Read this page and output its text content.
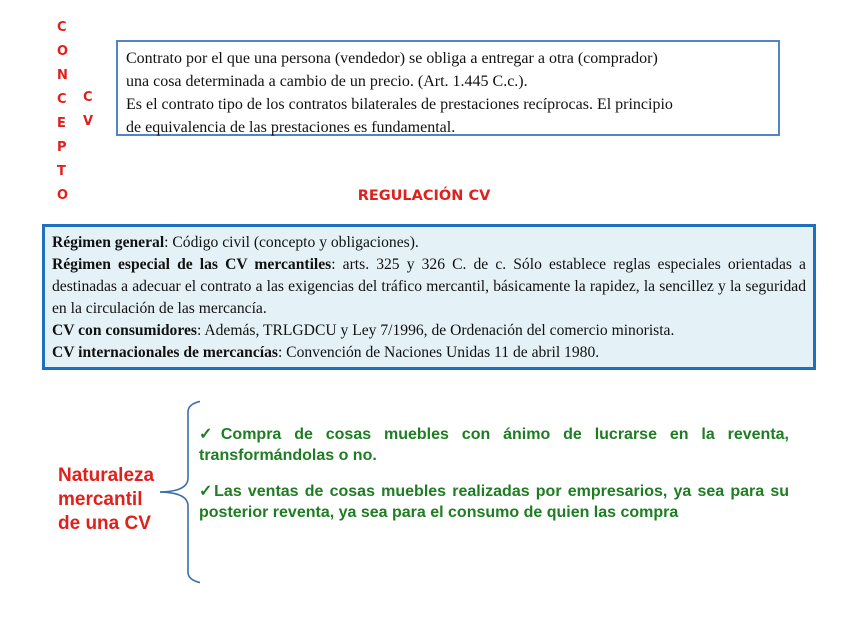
C
O
N
C
E
P
T
O
C
V
Contrato por el que una persona (vendedor) se obliga a entregar a otra (comprador)
una cosa determinada a cambio de un precio. (Art. 1.445 C.c.).
Es el contrato tipo de los contratos bilaterales de prestaciones recíprocas. El principio
de equivalencia de las prestaciones es fundamental.
REGULACIÓN CV

Régimen general: Código civil (concepto y obligaciones).

Régimen especial de las CV mercantiles: arts. 325 y 326 C. de c. Sólo establece reglas especiales orientadas a destinadas a adecuar el contrato a las exigencias del tráfico mercantil, básicamente la rapidez, la sencillez y la seguridad en la circulación de las mercancía.

CV con consumidores: Además, TRLGDCU y Ley 7/1996, de Ordenación del comercio minorista.

CV internacionales de mercancías: Convención de Naciones Unidas 11 de abril 1980.

Naturaleza
mercantil
de una CV
✓Compra de cosas muebles con ánimo de lucrarse en la reventa, transformándolas o no.
✓Las ventas de cosas muebles realizadas por empresarios, ya sea para su posterior reventa, ya sea para el consumo de quien las compra
